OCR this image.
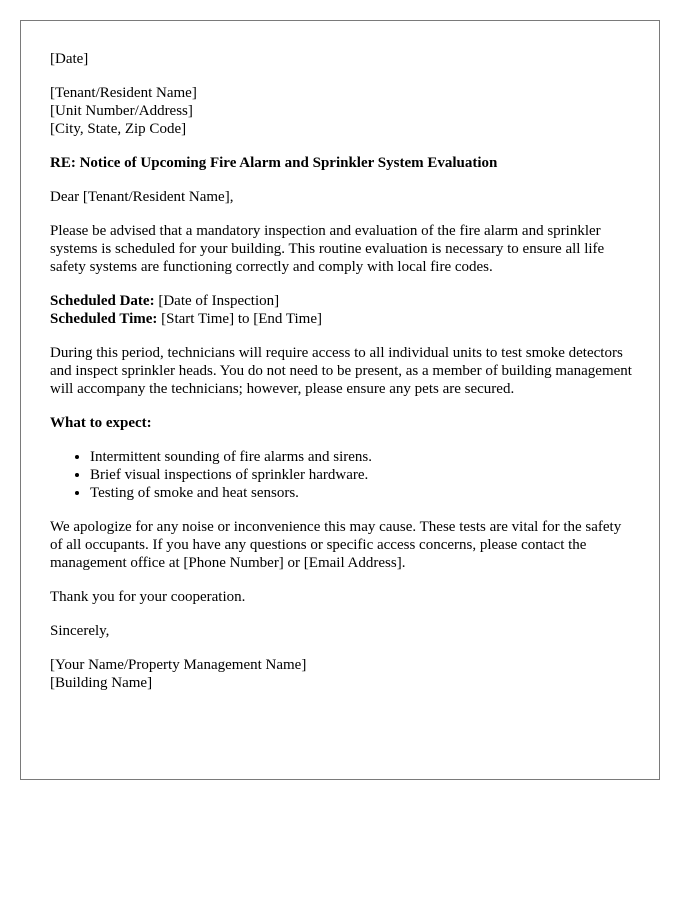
[Date]

[Tenant/Resident Name]
[Unit Number/Address]
[City, State, Zip Code]

RE: Notice of Upcoming Fire Alarm and Sprinkler System Evaluation

Dear [Tenant/Resident Name],

Please be advised that a mandatory inspection and evaluation of the fire alarm and sprinkler systems is scheduled for your building. This routine evaluation is necessary to ensure all life safety systems are functioning correctly and comply with local fire codes.

Scheduled Date: [Date of Inspection]
Scheduled Time: [Start Time] to [End Time]

During this period, technicians will require access to all individual units to test smoke detectors and inspect sprinkler heads. You do not need to be present, as a member of building management will accompany the technicians; however, please ensure any pets are secured.

What to expect:

• Intermittent sounding of fire alarms and sirens.
• Brief visual inspections of sprinkler hardware.
• Testing of smoke and heat sensors.

We apologize for any noise or inconvenience this may cause. These tests are vital for the safety of all occupants. If you have any questions or specific access concerns, please contact the management office at [Phone Number] or [Email Address].

Thank you for your cooperation.

Sincerely,

[Your Name/Property Management Name]
[Building Name]
